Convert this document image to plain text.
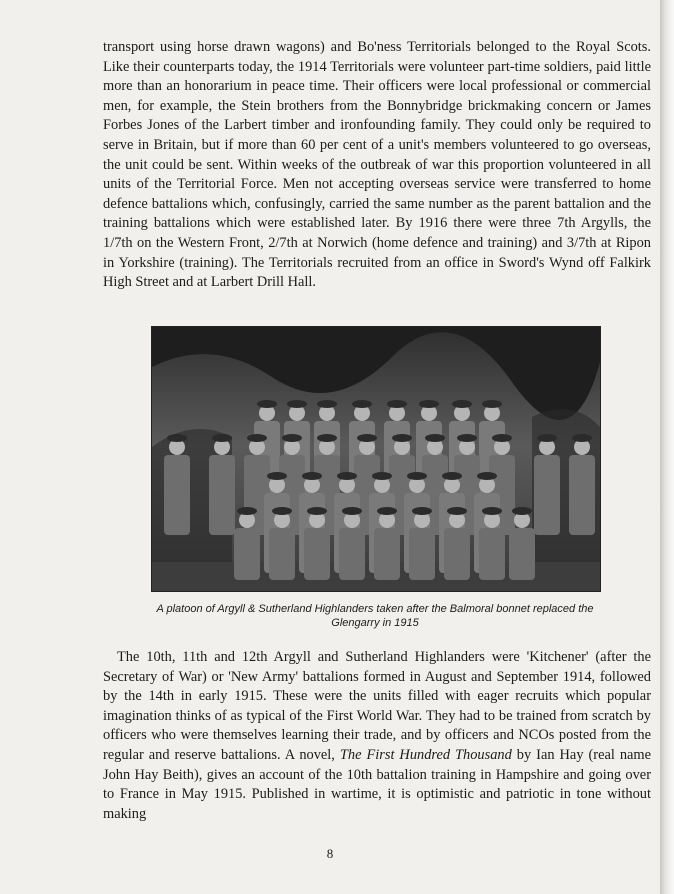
transport using horse drawn wagons) and Bo'ness Territorials belonged to the Royal Scots. Like their counterparts today, the 1914 Territorials were volunteer part-time soldiers, paid little more than an honorarium in peace time. Their officers were local professional or commercial men, for example, the Stein brothers from the Bonnybridge brickmaking concern or James Forbes Jones of the Larbert timber and ironfounding family. They could only be required to serve in Britain, but if more than 60 per cent of a unit's members volunteered to go overseas, the unit could be sent. Within weeks of the outbreak of war this proportion volunteered in all units of the Territorial Force. Men not accepting overseas service were transferred to home defence battalions which, confusingly, carried the same number as the parent battalion and the training battalions which were established later. By 1916 there were three 7th Argylls, the 1/7th on the Western Front, 2/7th at Norwich (home defence and training) and 3/7th at Ripon in Yorkshire (training). The Territorials recruited from an office in Sword's Wynd off Falkirk High Street and at Larbert Drill Hall.

A platoon of Argyll & Sutherland Highlanders taken after the Balmoral bonnet replaced the Glengarry in 1915

The 10th, 11th and 12th Argyll and Sutherland Highlanders were 'Kitchener' (after the Secretary of War) or 'New Army' battalions formed in August and September 1914, followed by the 14th in early 1915. These were the units filled with eager recruits which popular imagination thinks of as typical of the First World War. They had to be trained from scratch by officers who were themselves learning their trade, and by officers and NCOs posted from the regular and reserve battalions. A novel, The First Hundred Thousand by Ian Hay (real name John Hay Beith), gives an account of the 10th battalion training in Hampshire and going over to France in May 1915. Published in wartime, it is optimistic and patriotic in tone without making

8
